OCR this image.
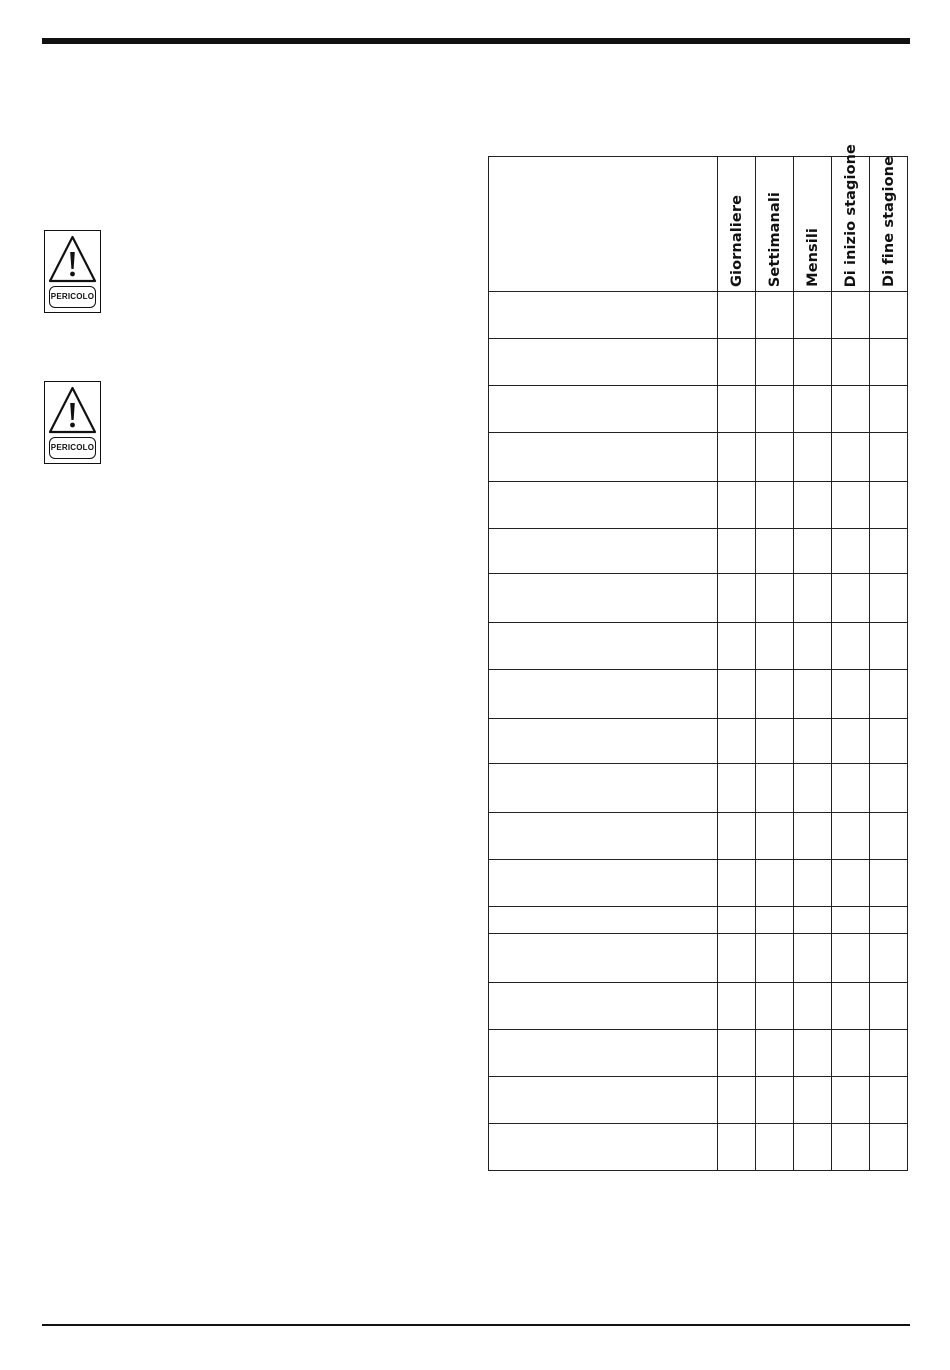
PERICOLO
PERICOLO

	Giornaliere	Settimanali	Mensili	Di inizio stagione	Di fine stagione
